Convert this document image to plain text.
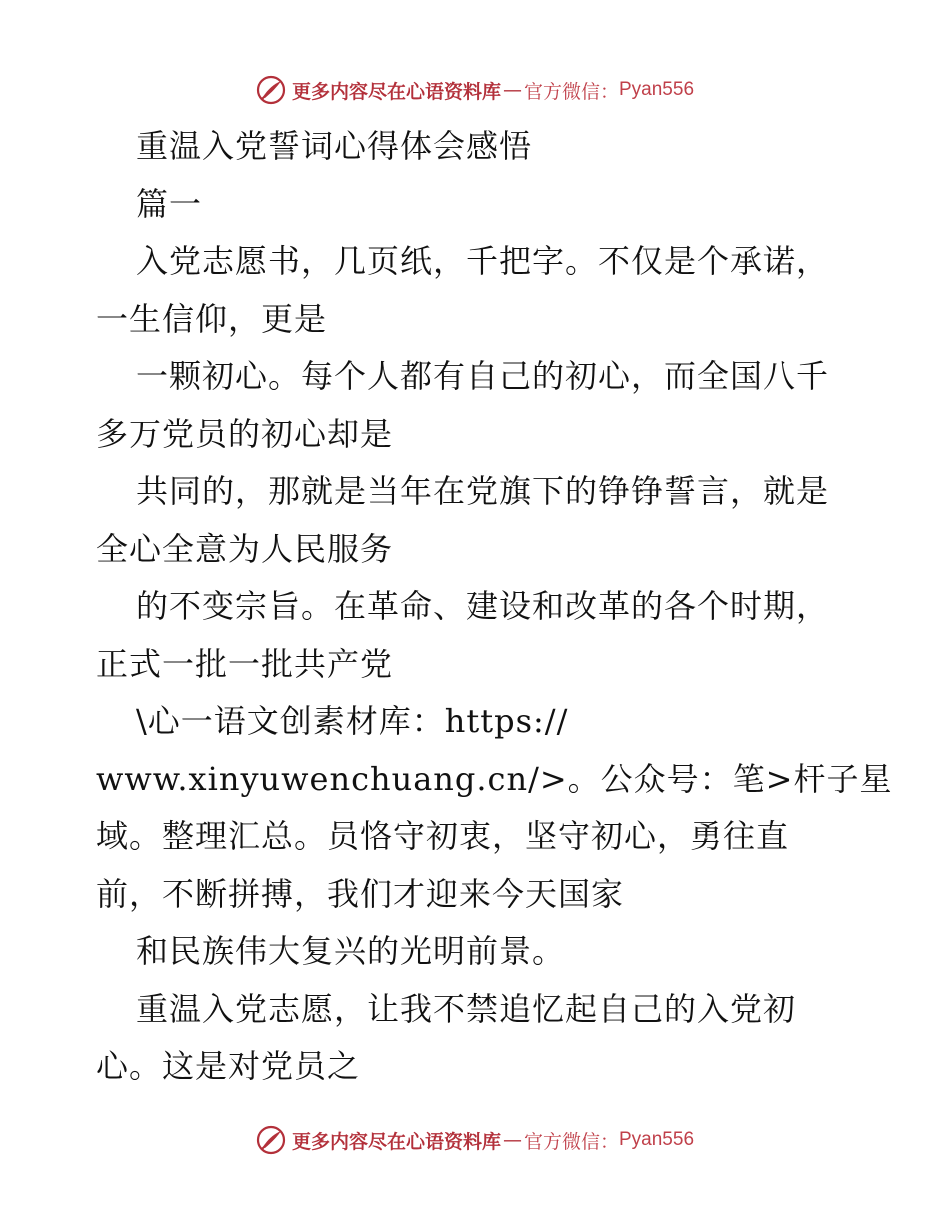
更多内容尽在心语资料库 — 官方微信： Pyan556
重温入党誓词心得体会感悟
篇一
入党志愿书，几页纸，千把字。不仅是个承诺，
一生信仰，更是
一颗初心。每个人都有自己的初心，而全国八千
多万党员的初心却是
共同的，那就是当年在党旗下的铮铮誓言，就是
全心全意为人民服务
的不变宗旨。在革命、建设和改革的各个时期，
正式一批一批共产党
\心一语文创素材库：https://
www.xinyuwenchuang.cn/>。公众号：笔>杆子星
域。整理汇总。员恪守初衷，坚守初心，勇往直
前，不断拼搏，我们才迎来今天国家
和民族伟大复兴的光明前景。
重温入党志愿，让我不禁追忆起自己的入党初
心。这是对党员之
更多内容尽在心语资料库 — 官方微信： Pyan556
